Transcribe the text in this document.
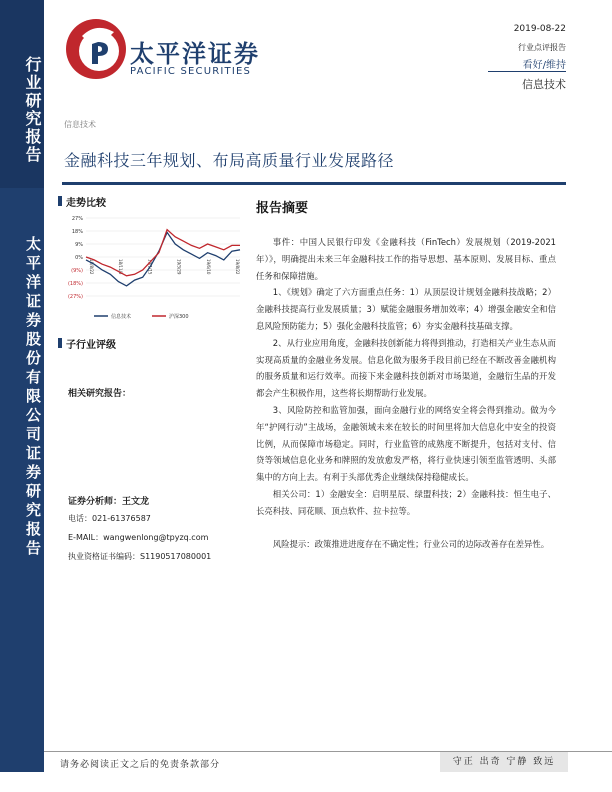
行业研究报告
太平洋证券股份有限公司证券研究报告
太平洋证券
PACIFIC SECURITIES
2019-08-22
行业点评报告
看好/维持
信息技术
信息技术
金融科技三年规划、布局高质量行业发展路径
走势比较
27%
18%
9%
0%
(9%)
(18%)
(27%)
18/8/22	18/11/3	19/1/15	19/3/29	19/6/10	19/8/22
信息技术	沪深300
子行业评级
相关研究报告：
证券分析师：王文龙
电话：021-61376587
E-MAIL：wangwenlong@tpyzq.com
执业资格证书编码：S1190517080001
报告摘要

事件：中国人民银行印发《金融科技（FinTech）发展规划（2019-2021 年）》，明确提出未来三年金融科技工作的指导思想、基本原则、发展目标、重点任务和保障措施。

1、《规划》确定了六方面重点任务：1）从顶层设计规划金融科技战略；2）金融科技提高行业发展质量；3）赋能金融服务增加效率；4）增强金融安全和信息风险预防能力；5）强化金融科技监管；6）夯实金融科技基础支撑。

2、从行业应用角度，金融科技创新能力将得到推动，打造相关产业生态从而实现高质量的金融业务发展。信息化做为服务手段目前已经在不断改善金融机构的服务质量和运行效率。而接下来金融科技创新对市场渠道，金融衍生品的开发都会产生积极作用，这些将长期帮助行业发展。

3、风险防控和监管加强，面向金融行业的网络安全将会得到推动。做为今年“护网行动”主战场，金融领域未来在较长的时间里将加大信息化中安全的投资比例，从而保障市场稳定。同时，行业监管的成熟度不断提升，包括对支付、信贷等领域信息化业务和牌照的发放愈发严格，将行业快速引领至监管透明、头部集中的方向上去。有利于头部优秀企业继续保持稳健成长。

相关公司：1）金融安全：启明星辰、绿盟科技；2）金融科技：恒生电子、长亮科技、同花顺、顶点软件、拉卡拉等。

风险提示：政策推进进度存在不确定性；行业公司的边际改善存在差异性。

请务必阅读正文之后的免责条款部分	守正 出奇 宁静 致远
